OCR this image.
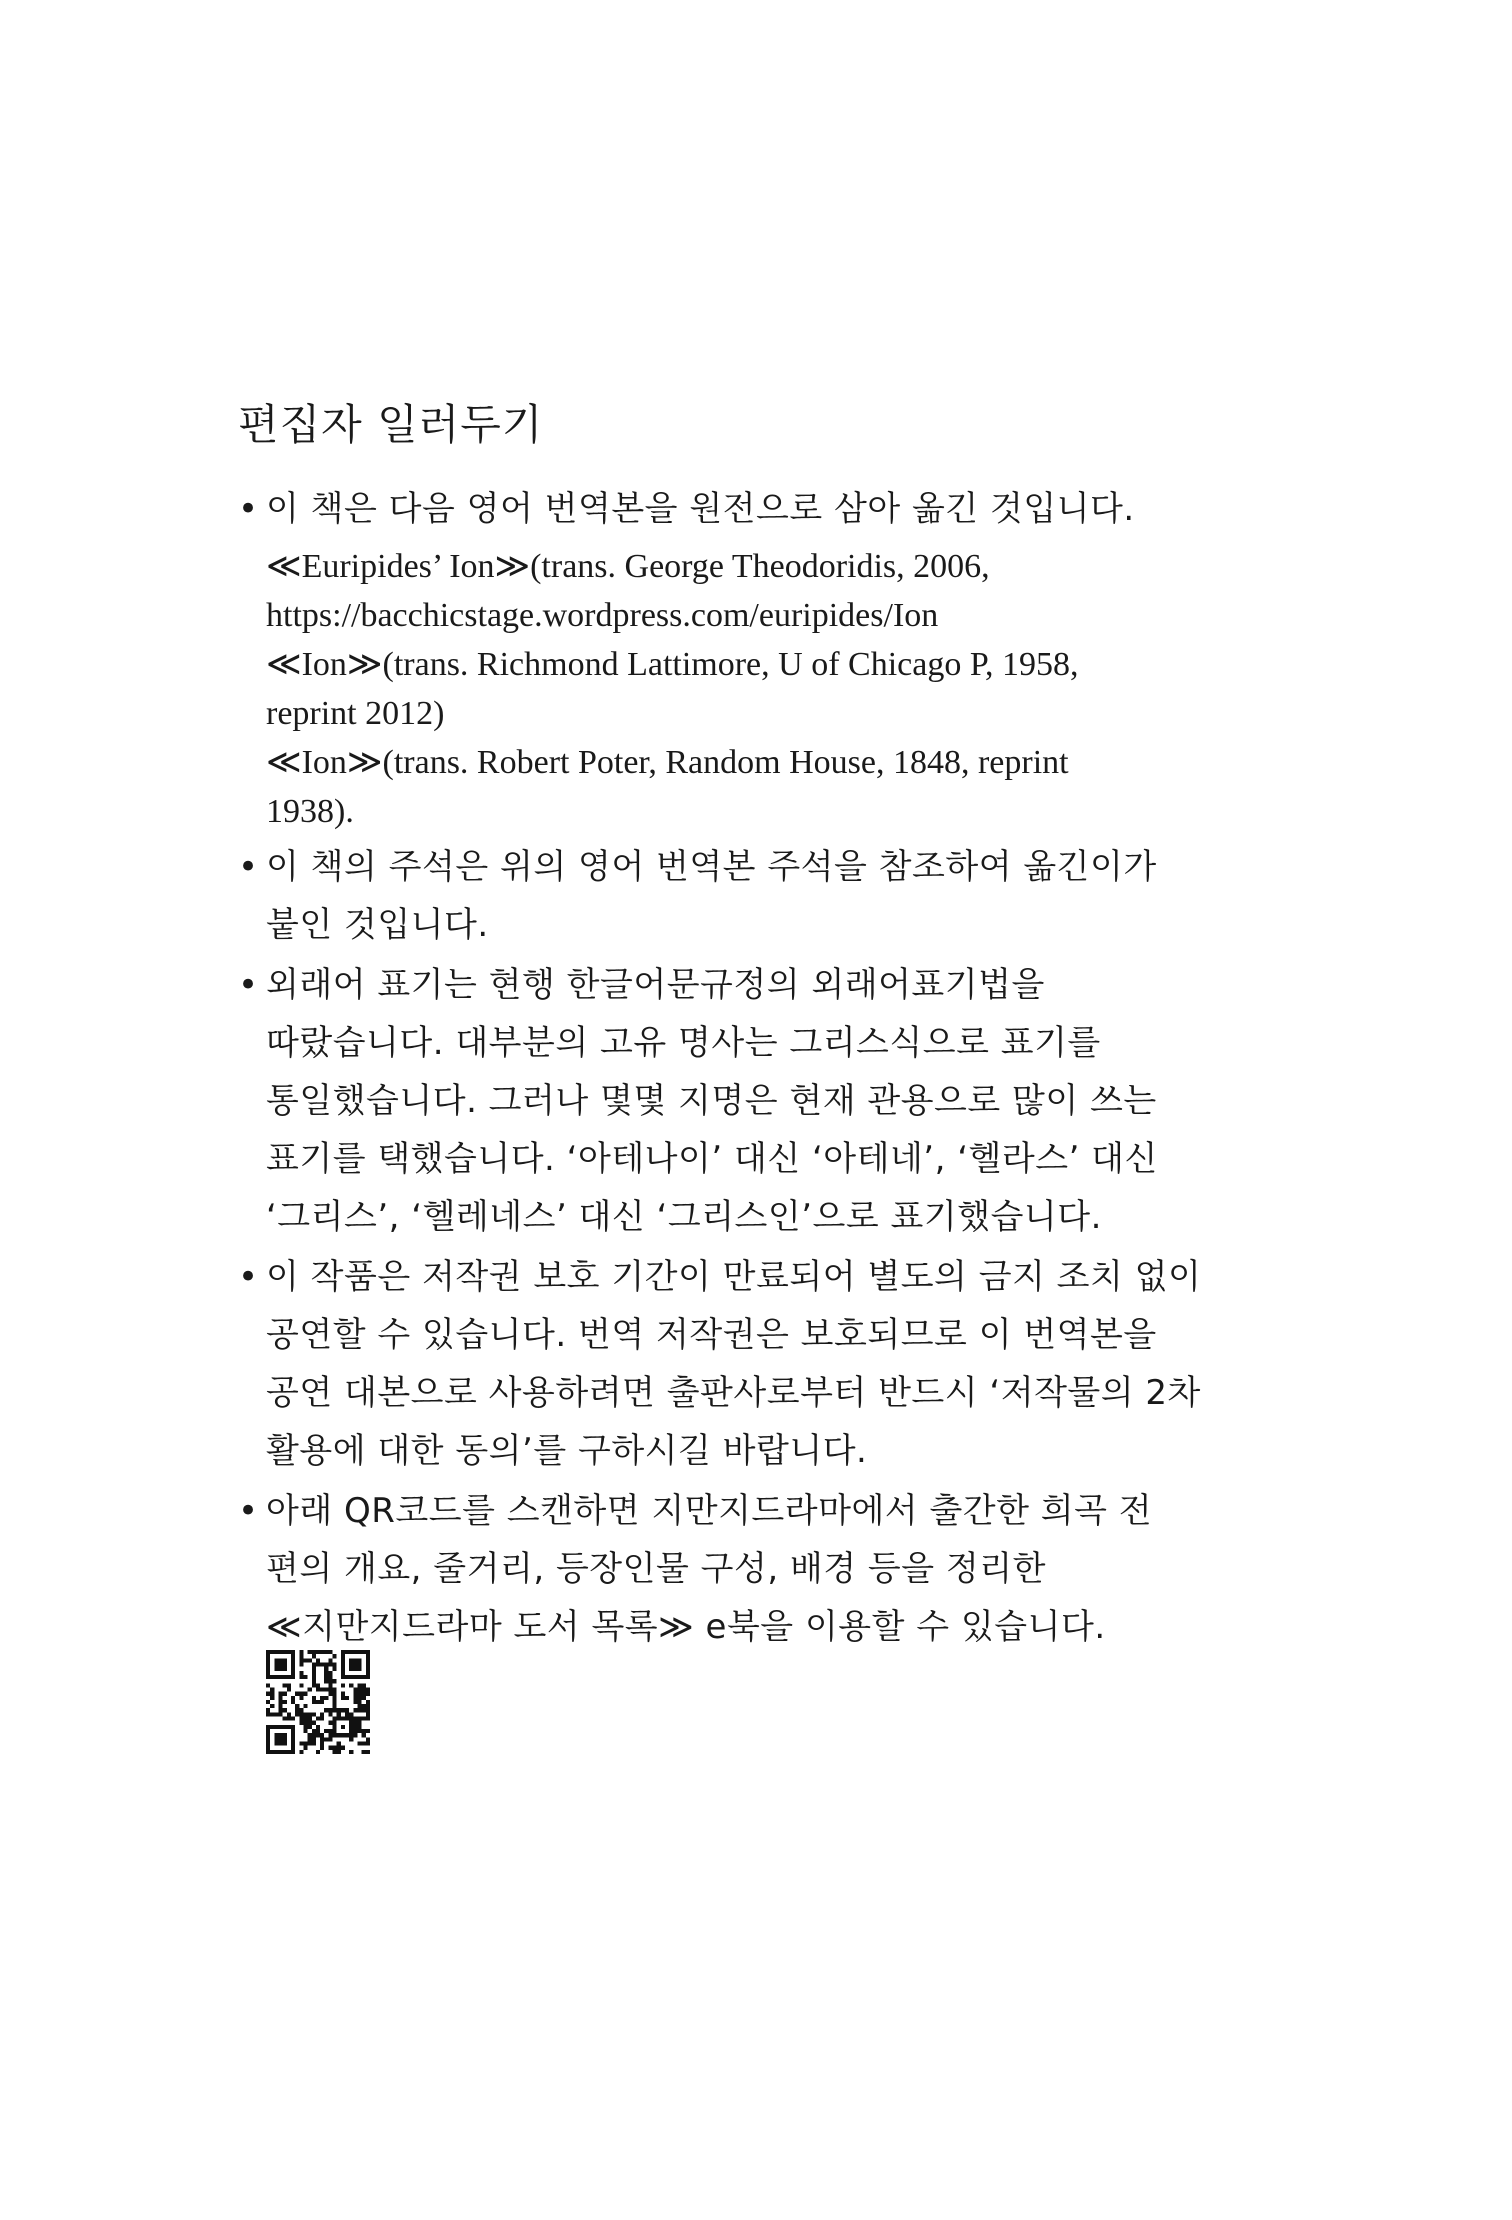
편집자 일러두기
• 이 책은 다음 영어 번역본을 원전으로 삼아 옮긴 것입니다.
≪Euripides’ Ion≫(trans. George Theodoridis, 2006,
https://bacchicstage.wordpress.com/euripides/Ion
≪Ion≫(trans. Richmond Lattimore, U of Chicago P, 1958,
reprint 2012)
≪Ion≫(trans. Robert Poter, Random House, 1848, reprint
1938).
• 이 책의 주석은 위의 영어 번역본 주석을 참조하여 옮긴이가
붙인 것입니다.
• 외래어 표기는 현행 한글어문규정의 외래어표기법을
따랐습니다. 대부분의 고유 명사는 그리스식으로 표기를
통일했습니다. 그러나 몇몇 지명은 현재 관용으로 많이 쓰는
표기를 택했습니다. ‘아테나이’ 대신 ‘아테네’, ‘헬라스’ 대신
‘그리스’, ‘헬레네스’ 대신 ‘그리스인’으로 표기했습니다.
• 이 작품은 저작권 보호 기간이 만료되어 별도의 금지 조치 없이
공연할 수 있습니다. 번역 저작권은 보호되므로 이 번역본을
공연 대본으로 사용하려면 출판사로부터 반드시 ‘저작물의 2차
활용에 대한 동의’를 구하시길 바랍니다.
• 아래 QR코드를 스캔하면 지만지드라마에서 출간한 희곡 전
편의 개요, 줄거리, 등장인물 구성, 배경 등을 정리한
≪지만지드라마 도서 목록≫ e북을 이용할 수 있습니다.
